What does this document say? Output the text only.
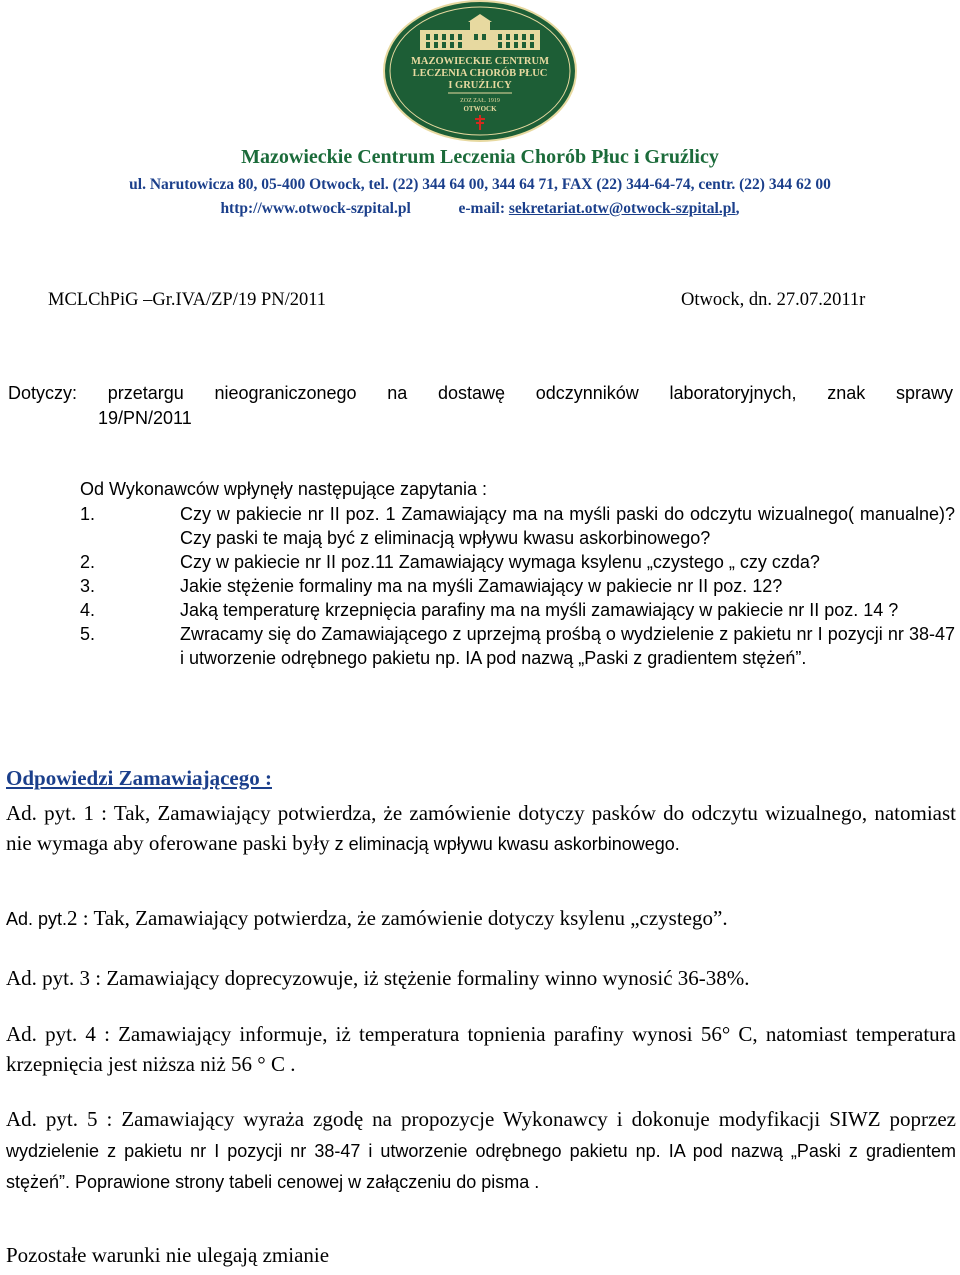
MAZOWIECKIE CENTRUM
LECZENIA CHORÓB PŁUC
I GRUŹLICY
ZOZ ZAŁ. 1919
OTWOCK
Mazowieckie Centrum Leczenia Chorób Płuc i Gruźlicy
ul. Narutowicza 80, 05-400 Otwock, tel. (22) 344 64 00, 344 64 71, FAX (22) 344-64-74, centr. (22) 344 62 00
http://www.otwock-szpital.pl	e-mail: sekretariat.otw@otwock-szpital.pl,
MCLChPiG –Gr.IVA/ZP/19 PN/2011	Otwock, dn. 27.07.2011r
Dotyczy: przetargu nieograniczonego na dostawę odczynników laboratoryjnych, znak sprawy
19/PN/2011
Od Wykonawców wpłynęły następujące zapytania :
1.	Czy w pakiecie nr II poz. 1 Zamawiający ma na myśli paski do odczytu wizualnego( manualne)? Czy paski te mają być z eliminacją wpływu kwasu askorbinowego?
2.	Czy w pakiecie nr II poz.11 Zamawiający wymaga ksylenu „czystego „ czy czda?
3.	Jakie stężenie formaliny ma na myśli Zamawiający w pakiecie nr II poz. 12?
4.	Jaką temperaturę krzepnięcia parafiny ma na myśli zamawiający w pakiecie nr II poz. 14 ?
5.	Zwracamy się do Zamawiającego z uprzejmą prośbą o wydzielenie z pakietu nr I pozycji nr 38-47 i utworzenie odrębnego pakietu np. IA pod nazwą „Paski z gradientem stężeń”.
Odpowiedzi Zamawiającego :
Ad. pyt. 1 : Tak, Zamawiający potwierdza, że zamówienie dotyczy pasków do odczytu wizualnego, natomiast nie wymaga aby oferowane paski były z eliminacją wpływu kwasu askorbinowego.
Ad. pyt.2 : Tak, Zamawiający potwierdza, że zamówienie dotyczy ksylenu „czystego”.
Ad. pyt. 3 : Zamawiający doprecyzowuje, iż stężenie formaliny winno wynosić 36-38%.
Ad. pyt. 4 : Zamawiający informuje, iż temperatura topnienia parafiny wynosi 56° C, natomiast temperatura krzepnięcia jest niższa niż 56 ° C .
Ad. pyt. 5 : Zamawiający wyraża zgodę na propozycje Wykonawcy i dokonuje modyfikacji SIWZ poprzez wydzielenie z pakietu nr I pozycji nr 38-47 i utworzenie odrębnego pakietu np. IA pod nazwą „Paski z gradientem stężeń”. Poprawione strony tabeli cenowej w załączeniu do pisma .
Pozostałe warunki nie ulegają zmianie
